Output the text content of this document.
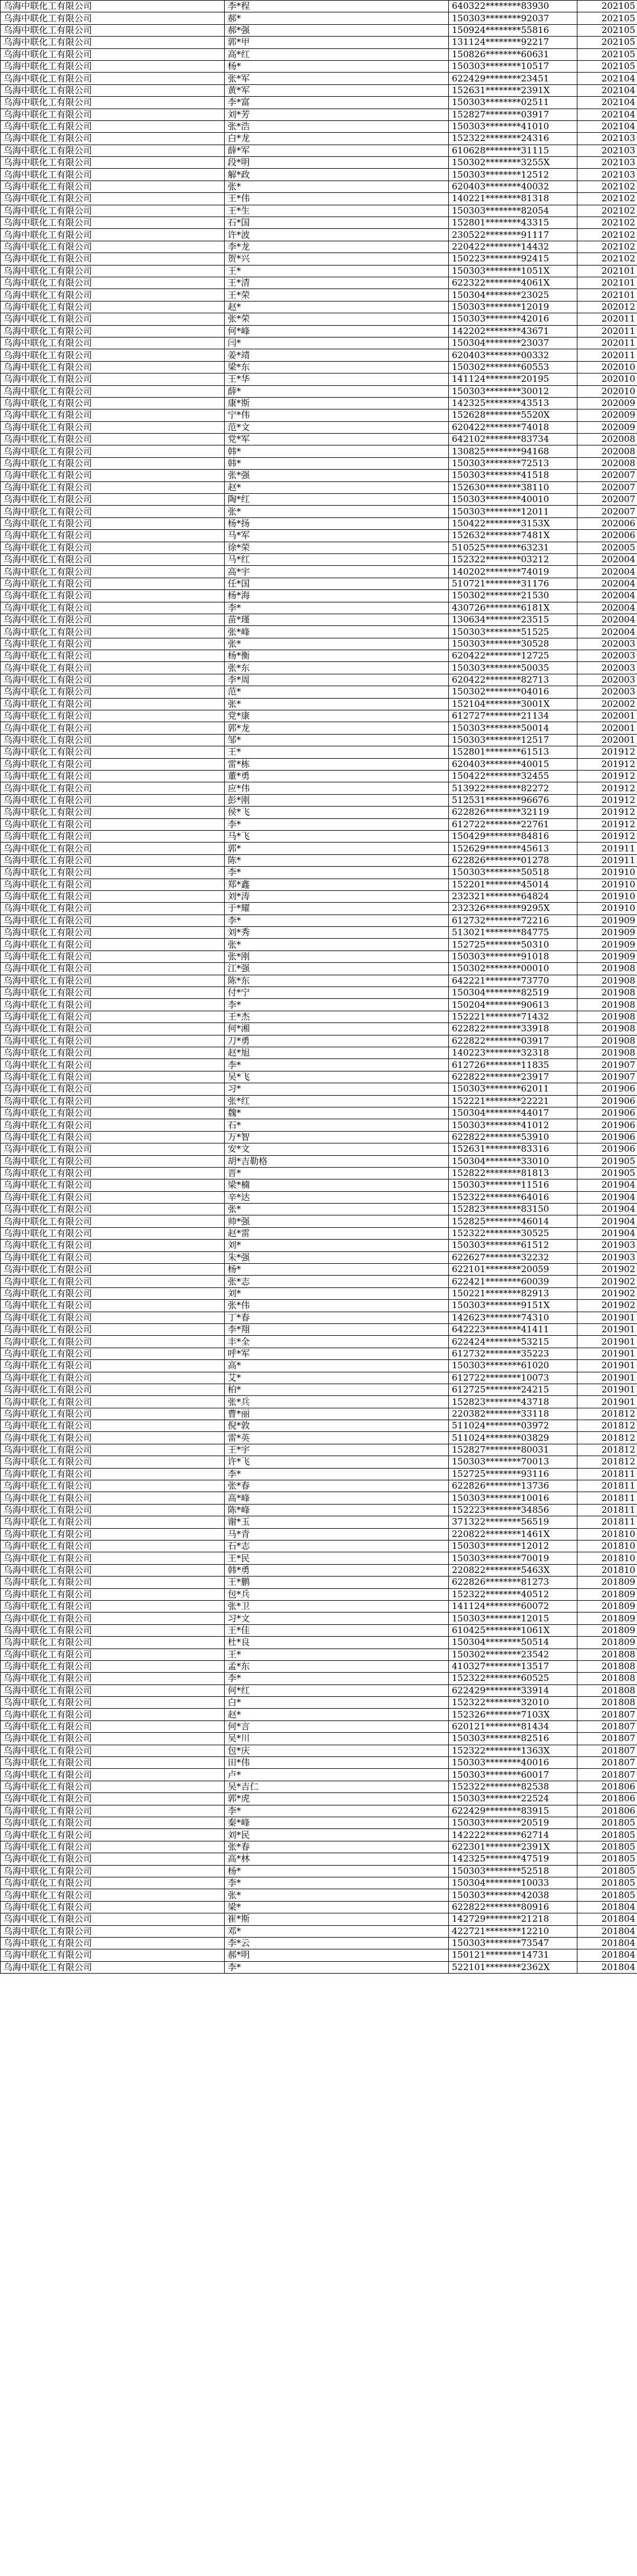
乌海中联化工有限公司	李*程	640322********83930	202105
乌海中联化工有限公司	郝*	150303********92037	202105
乌海中联化工有限公司	郝*强	150924********55816	202105
乌海中联化工有限公司	郭*甲	131124********92217	202105
乌海中联化工有限公司	高*红	150826********60631	202105
乌海中联化工有限公司	杨*	150303********10517	202105
乌海中联化工有限公司	张*军	622429********23451	202104
乌海中联化工有限公司	黄*军	152631********2391X	202104
乌海中联化工有限公司	李*富	150303********02511	202104
乌海中联化工有限公司	刘*芳	152827********03917	202104
乌海中联化工有限公司	张*浩	150303********41010	202104
乌海中联化工有限公司	白*龙	152322********24316	202103
乌海中联化工有限公司	薛*军	610628********31115	202103
乌海中联化工有限公司	段*明	150302********3255X	202103
乌海中联化工有限公司	解*政	150303********12512	202103
乌海中联化工有限公司	张*	620403********40032	202102
乌海中联化工有限公司	王*伟	140221********81318	202102
乌海中联化工有限公司	王*生	150303********82054	202102
乌海中联化工有限公司	石*国	152801********43315	202102
乌海中联化工有限公司	许*波	230522********91117	202102
乌海中联化工有限公司	李*龙	220422********14432	202102
乌海中联化工有限公司	贺*兴	150223********92415	202102
乌海中联化工有限公司	王*	150303********1051X	202101
乌海中联化工有限公司	王*清	622322********4061X	202101
乌海中联化工有限公司	王*荣	150304********23025	202101
乌海中联化工有限公司	赵*	150303********12019	202012
乌海中联化工有限公司	张*荣	150303********42016	202011
乌海中联化工有限公司	何*峰	142202********43671	202011
乌海中联化工有限公司	闫*	150304********23037	202011
乌海中联化工有限公司	姜*靖	620403********00332	202011
乌海中联化工有限公司	梁*东	150302********60553	202010
乌海中联化工有限公司	王*华	141124********20195	202010
乌海中联化工有限公司	薛*	150303********30012	202010
乌海中联化工有限公司	康*斯	142325********43513	202009
乌海中联化工有限公司	宁*伟	152628********5520X	202009
乌海中联化工有限公司	范*文	620422********74018	202009
乌海中联化工有限公司	党*军	642102********83734	202008
乌海中联化工有限公司	韩*	130825********94168	202008
乌海中联化工有限公司	韩*	150303********72513	202008
乌海中联化工有限公司	张*强	150303********41518	202007
乌海中联化工有限公司	赵*	152630********38110	202007
乌海中联化工有限公司	陶*红	150303********40010	202007
乌海中联化工有限公司	张*	150303********12011	202007
乌海中联化工有限公司	杨*扬	150422********3153X	202006
乌海中联化工有限公司	马*军	152632********7481X	202006
乌海中联化工有限公司	徐*荣	510525********63231	202005
乌海中联化工有限公司	马*红	152322********03212	202004
乌海中联化工有限公司	高*宇	140202********74019	202004
乌海中联化工有限公司	任*国	510721********31176	202004
乌海中联化工有限公司	杨*海	150302********21530	202004
乌海中联化工有限公司	李*	430726********6181X	202004
乌海中联化工有限公司	苗*瑾	130634********23515	202004
乌海中联化工有限公司	张*峰	150303********51525	202004
乌海中联化工有限公司	张*	150303********30528	202003
乌海中联化工有限公司	杨*衡	620422********12725	202003
乌海中联化工有限公司	张*东	150303********50035	202003
乌海中联化工有限公司	李*周	620422********82713	202003
乌海中联化工有限公司	范*	150302********04016	202003
乌海中联化工有限公司	张*	152104********3001X	202002
乌海中联化工有限公司	党*康	612727********21134	202001
乌海中联化工有限公司	郭*龙	150303********50014	202001
乌海中联化工有限公司	邹*	150303********12517	202001
乌海中联化工有限公司	王*	152801********61513	201912
乌海中联化工有限公司	雷*栋	620403********40015	201912
乌海中联化工有限公司	董*勇	150422********32455	201912
乌海中联化工有限公司	应*伟	513922********82272	201912
乌海中联化工有限公司	彭*刚	512531********96676	201912
乌海中联化工有限公司	侯*飞	622826********32119	201912
乌海中联化工有限公司	李*	612722********22761	201912
乌海中联化工有限公司	马*飞	150429********84816	201912
乌海中联化工有限公司	郭*	152629********45613	201911
乌海中联化工有限公司	陈*	622826********01278	201911
乌海中联化工有限公司	李*	150303********50518	201910
乌海中联化工有限公司	郑*鑫	152201********45014	201910
乌海中联化工有限公司	刘*涛	232321********64824	201910
乌海中联化工有限公司	于*耀	232326********9295X	201910
乌海中联化工有限公司	李*	612732********72216	201909
乌海中联化工有限公司	刘*秀	513021********84775	201909
乌海中联化工有限公司	张*	152725********50310	201909
乌海中联化工有限公司	张*刚	150303********91018	201909
乌海中联化工有限公司	江*强	150302********00010	201908
乌海中联化工有限公司	陈*东	642221********73770	201908
乌海中联化工有限公司	付*宁	150304********82519	201908
乌海中联化工有限公司	李*	150204********90613	201908
乌海中联化工有限公司	王*杰	152221********71432	201908
乌海中联化工有限公司	何*湘	622822********33918	201908
乌海中联化工有限公司	刀*勇	622822********03917	201908
乌海中联化工有限公司	赵*旭	140223********32318	201908
乌海中联化工有限公司	李*	612726********11835	201907
乌海中联化工有限公司	吴*飞	622822********23917	201907
乌海中联化工有限公司	习*	150303********62011	201906
乌海中联化工有限公司	张*红	152221********22221	201906
乌海中联化工有限公司	魏*	150304********44017	201906
乌海中联化工有限公司	石*	150303********41012	201906
乌海中联化工有限公司	万*智	622822********53910	201906
乌海中联化工有限公司	安*文	152631********83316	201906
乌海中联化工有限公司	胡*吉勒格	150304********33010	201905
乌海中联化工有限公司	晋*	152822********81813	201905
乌海中联化工有限公司	梁*楠	150303********11516	201904
乌海中联化工有限公司	辛*达	152322********64016	201904
乌海中联化工有限公司	张*	152823********83150	201904
乌海中联化工有限公司	帅*强	152825********46014	201904
乌海中联化工有限公司	赵*雷	152322********30525	201904
乌海中联化工有限公司	刘*	150303********61512	201903
乌海中联化工有限公司	朱*强	622627********32232	201903
乌海中联化工有限公司	杨*	622101********20059	201902
乌海中联化工有限公司	张*志	622421********60039	201902
乌海中联化工有限公司	刘*	150221********82913	201902
乌海中联化工有限公司	张*伟	150303********9151X	201902
乌海中联化工有限公司	丁*春	142623********74310	201901
乌海中联化工有限公司	李*翔	642223********41411	201901
乌海中联化工有限公司	丰*全	622424********53215	201901
乌海中联化工有限公司	呼*军	612732********35223	201901
乌海中联化工有限公司	高*	150303********61020	201901
乌海中联化工有限公司	艾*	612722********10073	201901
乌海中联化工有限公司	柏*	612725********24215	201901
乌海中联化工有限公司	张*兵	152823********43718	201901
乌海中联化工有限公司	曹*丽	220382********33118	201812
乌海中联化工有限公司	倪*敦	511024********03972	201812
乌海中联化工有限公司	雷*英	511024********03829	201812
乌海中联化工有限公司	王*宇	152827********80031	201812
乌海中联化工有限公司	许*飞	150303********70013	201812
乌海中联化工有限公司	李*	152725********93116	201811
乌海中联化工有限公司	张*春	622826********13736	201811
乌海中联化工有限公司	高*峰	150303********10016	201811
乌海中联化工有限公司	陈*峰	152223********34856	201811
乌海中联化工有限公司	谢*玉	371322********56519	201811
乌海中联化工有限公司	马*青	220822********1461X	201810
乌海中联化工有限公司	石*志	150303********12012	201810
乌海中联化工有限公司	王*民	150303********70019	201810
乌海中联化工有限公司	韩*勇	220822********5463X	201810
乌海中联化工有限公司	王*鹏	622826********81273	201809
乌海中联化工有限公司	包*兵	152322********40512	201809
乌海中联化工有限公司	张*卫	141124********60072	201809
乌海中联化工有限公司	习*文	150303********12015	201809
乌海中联化工有限公司	王*佳	610425********1061X	201809
乌海中联化工有限公司	杜*良	150304********50514	201809
乌海中联化工有限公司	王*	150302********23542	201808
乌海中联化工有限公司	孟*东	410327********13517	201808
乌海中联化工有限公司	李*	152322********60525	201808
乌海中联化工有限公司	何*红	622429********33914	201808
乌海中联化工有限公司	白*	152322********32010	201808
乌海中联化工有限公司	赵*	152326********7103X	201807
乌海中联化工有限公司	何*言	620121********81434	201807
乌海中联化工有限公司	吴*川	150303********82516	201807
乌海中联化工有限公司	包*庆	152322********1363X	201807
乌海中联化工有限公司	田*伟	150303********40016	201807
乌海中联化工有限公司	卢*	150303********60017	201807
乌海中联化工有限公司	吴*吉仁	152322********82538	201806
乌海中联化工有限公司	郭*虎	150303********22524	201806
乌海中联化工有限公司	李*	622429********83915	201806
乌海中联化工有限公司	秦*峰	150303********20519	201805
乌海中联化工有限公司	刘*民	142222********62714	201805
乌海中联化工有限公司	张*春	622301********2391X	201805
乌海中联化工有限公司	高*林	142325********47519	201805
乌海中联化工有限公司	杨*	150303********52518	201805
乌海中联化工有限公司	李*	150304********10033	201805
乌海中联化工有限公司	张*	150303********42038	201805
乌海中联化工有限公司	梁*	622822********80916	201804
乌海中联化工有限公司	崔*斯	142729********21218	201804
乌海中联化工有限公司	邓*	422721********12210	201804
乌海中联化工有限公司	李*云	150303********73547	201804
乌海中联化工有限公司	郝*明	150121********14731	201804
乌海中联化工有限公司	李*	522101********2362X	201804
